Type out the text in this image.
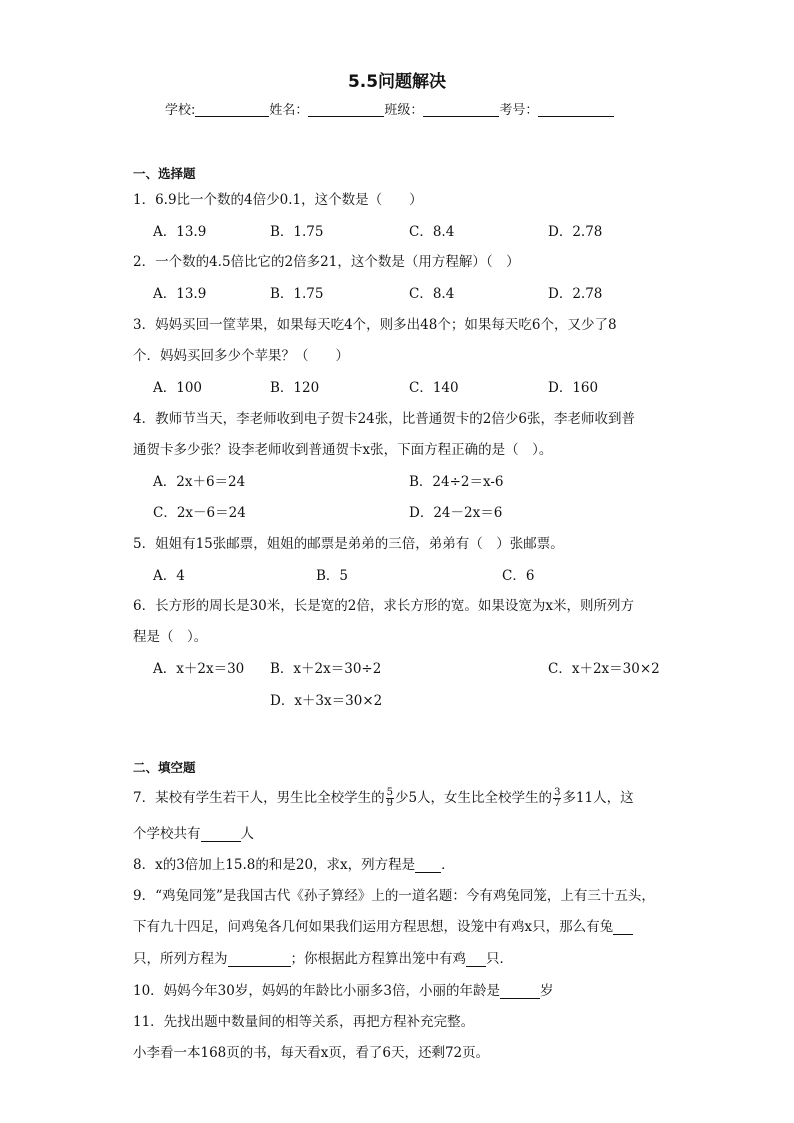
5.5问题解决
学校:	姓名：	班级：	考号：
一、选择题
1．6.9比一个数的4倍少0.1，这个数是（　　）
A．13.9	B．1.75	C．8.4	D．2.78
2．一个数的4.5倍比它的2倍多21，这个数是（用方程解）（　）
A．13.9	B．1.75	C．8.4	D．2.78
3．妈妈买回一筐苹果，如果每天吃4个，则多出48个；如果每天吃6个，又少了8
个．妈妈买回多少个苹果？（　　）
A．100	B．120	C．140	D．160
4．教师节当天，李老师收到电子贺卡24张，比普通贺卡的2倍少6张，李老师收到普
通贺卡多少张？设李老师收到普通贺卡x张，下面方程正确的是（　）。
A．2x＋6＝24	B．24÷2＝x-6
C．2x－6＝24	D．24－2x＝6
5．姐姐有15张邮票，姐姐的邮票是弟弟的三倍，弟弟有（　）张邮票。
A．4	B．5	C．6
6．长方形的周长是30米，长是宽的2倍，求长方形的宽。如果设宽为x米，则所列方
程是（　）。
A．x＋2x＝30 B．x＋2x＝30÷2	C．x＋2x＝30×2
D．x＋3x＝30×2
二、填空题
7．某校有学生若干人，男生比全校学生的 $\frac{5}{9}$ 少5人，女生比全校学生的 $\frac{3}{7}$ 多11人，这
个学校共有	人
8．x的3倍加上15.8的和是20，求x，列方程是 ．
9．“鸡兔同笼”是我国古代《孙子算经》上的一道名题：今有鸡兔同笼，上有三十五头，
下有九十四足，问鸡兔各几何如果我们运用方程思想，设笼中有鸡x只，那么有兔
只，所列方程为	；你根据此方程算出笼中有鸡 只．
10．妈妈今年30岁，妈妈的年龄比小丽多3倍，小丽的年龄是	岁
11．先找出题中数量间的相等关系，再把方程补充完整。
小李看一本168页的书，每天看x页，看了6天，还剩72页。
